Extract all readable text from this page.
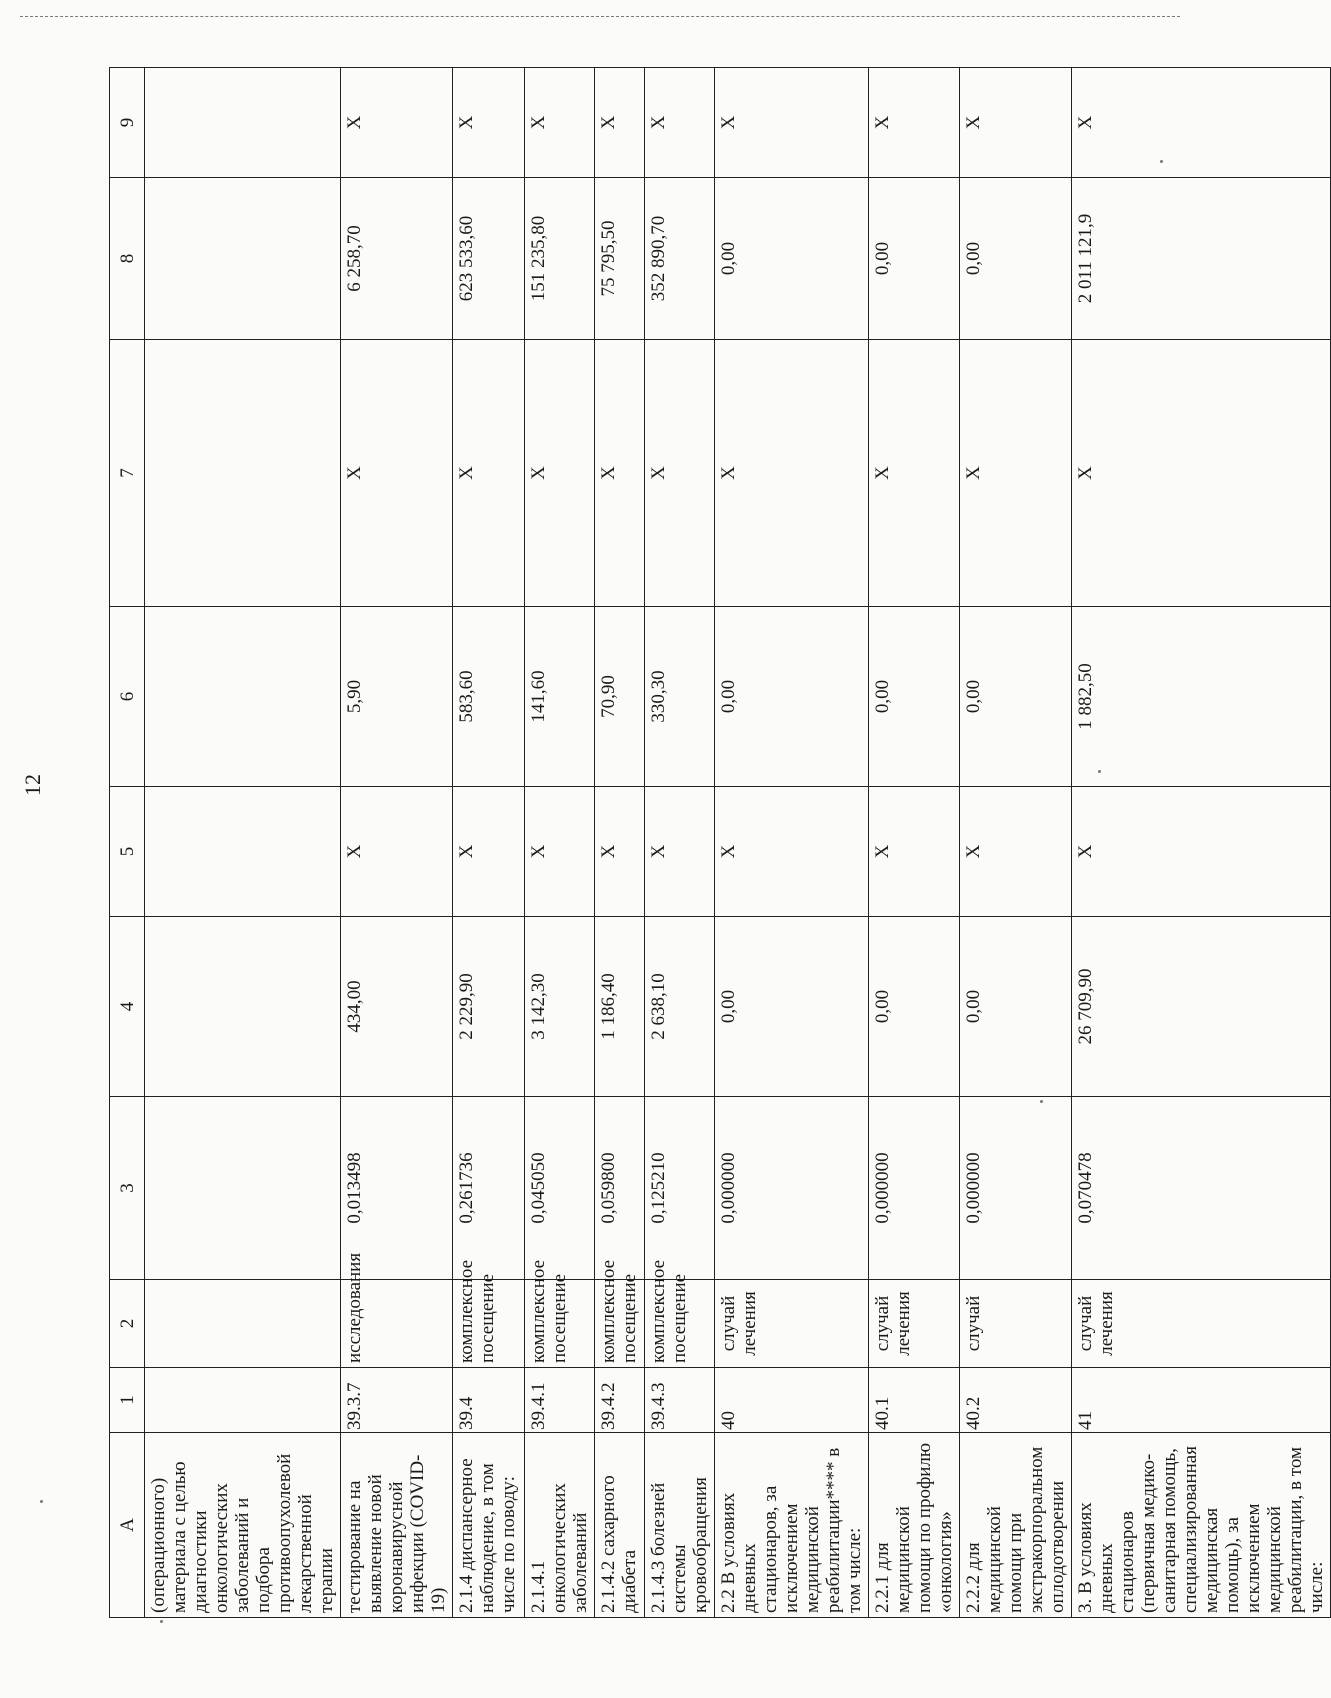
12
А	1	2	3	4	5	6	7	8	9
(операционного) материала с целью диагностики онкологических заболеваний и подбора противоопухолевой лекарственной терапии									
тестирование на выявление новой коронавирусной инфекции (COVID-19)	39.3.7	исследования	0,013498	434,00	X	5,90	X	6 258,70	X
2.1.4 диспансерное наблюдение, в том числе по поводу:	39.4	комплексное посещение	0,261736	2 229,90	X	583,60	X	623 533,60	X
2.1.4.1 онкологических заболеваний	39.4.1	комплексное посещение	0,045050	3 142,30	X	141,60	X	151 235,80	X
2.1.4.2 сахарного диабета	39.4.2	комплексное посещение	0,059800	1 186,40	X	70,90	X	75 795,50	X
2.1.4.3 болезней системы кровообращения	39.4.3	комплексное посещение	0,125210	2 638,10	X	330,30	X	352 890,70	X
2.2 В условиях дневных стационаров, за исключением медицинской реабилитации**** в том числе:	40	случай лечения	0,000000	0,00	X	0,00	X	0,00	X
2.2.1 для медицинской помощи по профилю «онкология»	40.1	случай лечения	0,000000	0,00	X	0,00	X	0,00	X
2.2.2 для медицинской помощи при экстракорпоральном оплодотворении	40.2	случай	0,000000	0,00	X	0,00	X	0,00	X
3. В условиях дневных стационаров (первичная медико-санитарная помощь, специализированная медицинская помощь), за исключением медицинской реабилитации, в том числе:	41	случай лечения	0,070478	26 709,90	X	1 882,50	X	2 011 121,9	X
